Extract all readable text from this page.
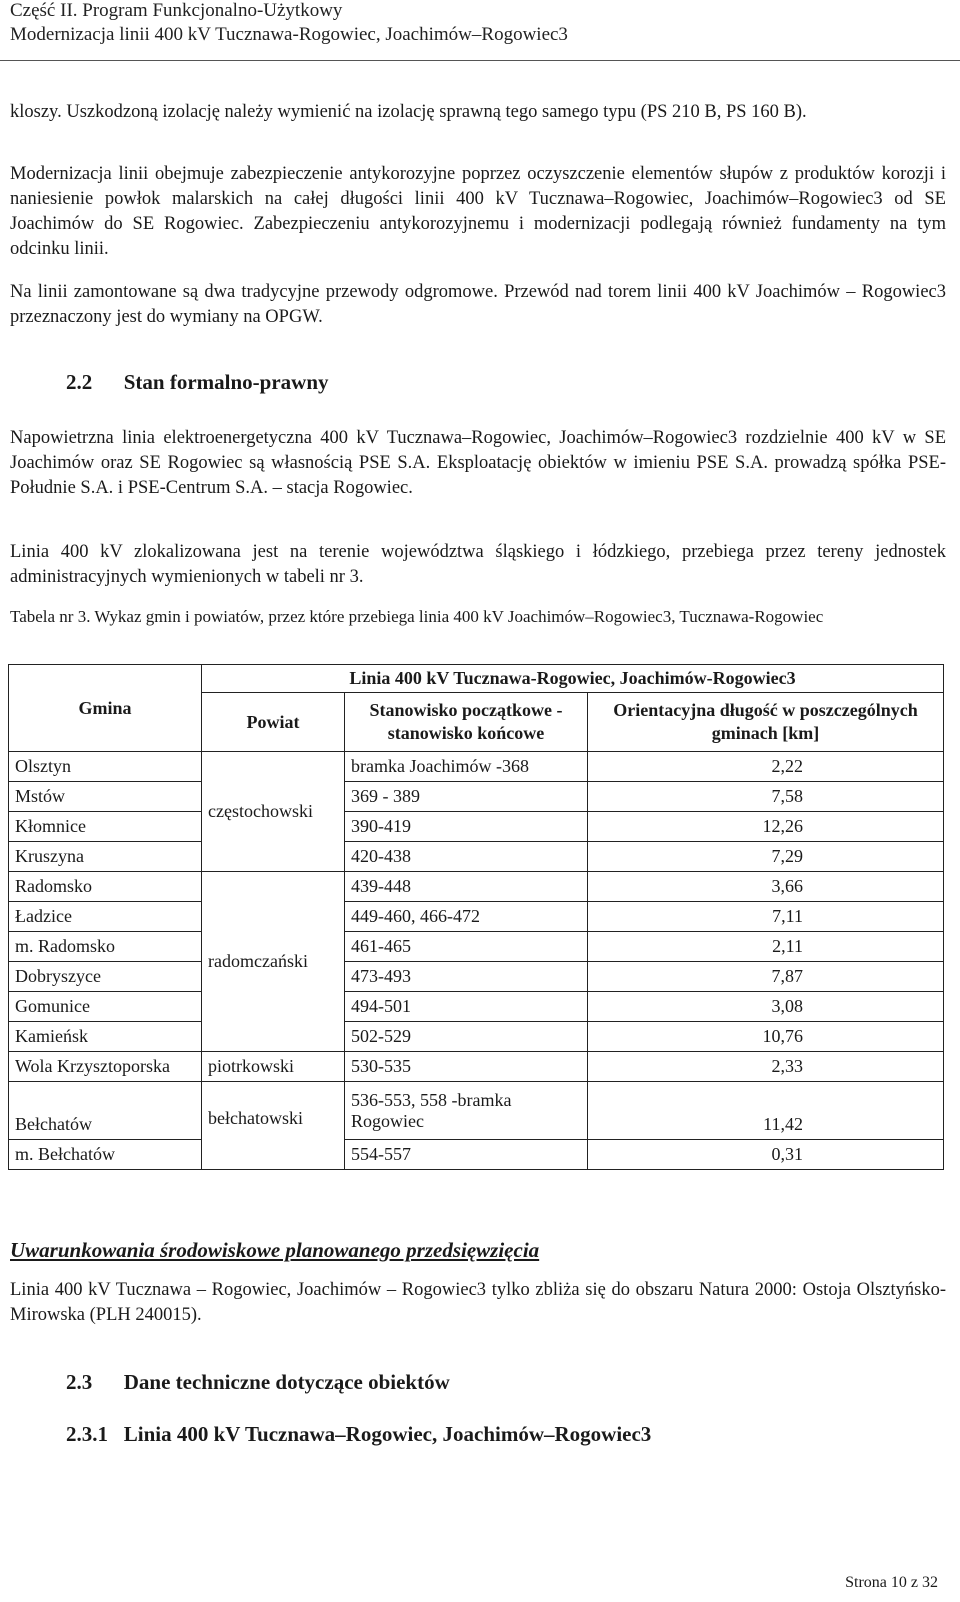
Część II. Program Funkcjonalno-Użytkowy
Modernizacja linii 400 kV Tucznawa-Rogowiec, Joachimów–Rogowiec3
kloszy. Uszkodzoną izolację należy wymienić na izolację sprawną tego samego typu (PS 210 B, PS 160 B).
Modernizacja linii obejmuje zabezpieczenie antykorozyjne poprzez oczyszczenie elementów słupów z produktów korozji i naniesienie powłok malarskich na całej długości linii 400 kV Tucznawa–Rogowiec, Joachimów–Rogowiec3 od SE Joachimów do SE Rogowiec. Zabezpieczeniu antykorozyjnemu i modernizacji podlegają również fundamenty na tym odcinku linii.
Na linii zamontowane są dwa tradycyjne przewody odgromowe. Przewód nad torem linii 400 kV Joachimów – Rogowiec3 przeznaczony jest do wymiany na OPGW.
2.2      Stan formalno-prawny
Napowietrzna linia elektroenergetyczna 400 kV Tucznawa–Rogowiec, Joachimów–Rogowiec3 rozdzielnie 400 kV w SE Joachimów oraz SE Rogowiec są własnością PSE S.A. Eksploatację obiektów w imieniu PSE S.A. prowadzą spółka PSE-Południe S.A. i PSE-Centrum S.A. – stacja Rogowiec.
Linia 400 kV zlokalizowana jest na terenie województwa śląskiego i łódzkiego, przebiega przez tereny jednostek administracyjnych wymienionych w tabeli nr 3.
Tabela nr 3. Wykaz gmin i powiatów, przez które przebiega linia 400 kV Joachimów–Rogowiec3, Tucznawa-Rogowiec
Gmina	Linia 400 kV Tucznawa-Rogowiec, Joachimów-Rogowiec3		
	Powiat	Stanowisko początkowe - stanowisko końcowe	Orientacyjna długość w poszczególnych gminach [km]
Olsztyn	częstochowski	bramka Joachimów -368	2,22
Mstów		369 - 389	7,58
Kłomnice		390-419	12,26
Kruszyna		420-438	7,29
Radomsko	radomczański	439-448	3,66
Ładzice		449-460, 466-472	7,11
m. Radomsko		461-465	2,11
Dobryszyce		473-493	7,87
Gomunice		494-501	3,08
Kamieńsk		502-529	10,76
Wola Krzysztoporska	piotrkowski	530-535	2,33
Bełchatów	bełchatowski	536-553, 558 -bramka Rogowiec	11,42
m. Bełchatów		554-557	0,31
Uwarunkowania środowiskowe planowanego przedsięwzięcia
Linia 400 kV Tucznawa – Rogowiec, Joachimów – Rogowiec3 tylko zbliża się do obszaru Natura 2000: Ostoja Olsztyńsko-Mirowska (PLH 240015).
2.3      Dane techniczne dotyczące obiektów
2.3.1   Linia 400 kV Tucznawa–Rogowiec, Joachimów–Rogowiec3
Strona 10 z 32
